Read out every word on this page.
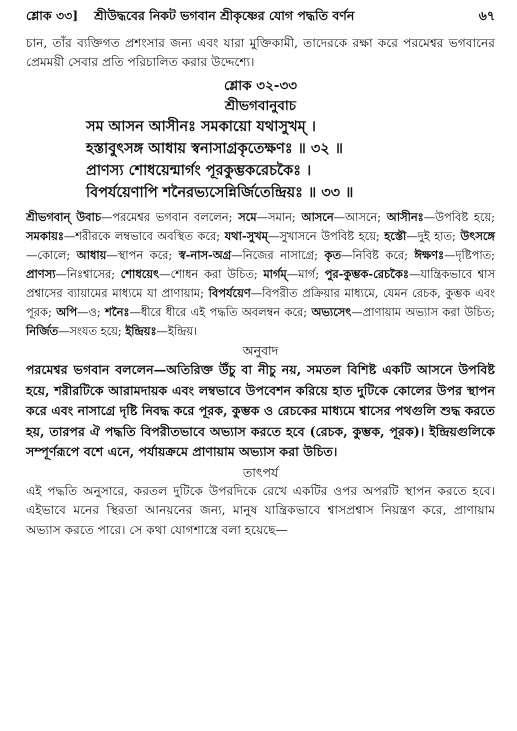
শ্লোক ৩৩]	শ্রীউদ্ধবের নিকট ভগবান শ্রীকৃষ্ণের যোগ পদ্ধতি বর্ণন	৬৭

চান, তাঁর ব্যক্তিগত প্রশংসার জন্য এবং যারা মুক্তিকামী, তাদেরকে রক্ষা করে পরমেশ্বর ভগবানের প্রেমময়ী সেবার প্রতি পরিচালিত করার উদ্দেশ্যে।

শ্লোক ৩২-৩৩

শ্রীভগবানুবাচ

সম আসন আসীনঃ সমকায়ো যথাসুখম্ ।
হস্তাবুৎসঙ্গ আধায় স্বনাসাগ্রকৃতেক্ষণঃ ॥ ৩২ ॥
প্রাণস্য শোধয়েন্মার্গং পূরকুম্ভকরেচকৈঃ ।
বিপর্যয়েণাপি শনৈরভ্যসেন্নির্জিতেন্দ্রিয়ঃ ॥ ৩৩ ॥

শ্রীভগবান্ উবাচ—পরমেশ্বর ভগবান বললেন; সমে—সমান; আসনে—আসনে; আসীনঃ—উপবিষ্ট হয়ে; সমকায়ঃ—শরীরকে লম্বভাবে অবস্থিত করে; যথা-সুখম্—সুখাসনে উপবিষ্ট হয়ে; হস্তৌ—দুই হাত; উৎসঙ্গে—কোলে; আধায়—স্থাপন করে; স্ব-নাস-অগ্র—নিজের নাসাগ্রে; কৃত—নিবিষ্ট করে; ঈক্ষণঃ—দৃষ্টিপাত; প্রাণস্য—নিঃশ্বাসের; শোধয়েৎ—শোধন করা উচিত; মার্গম্—মার্গ; পুর-কুম্ভক-রেচকৈঃ—যান্ত্রিকভাবে শ্বাস প্রশ্বাসের ব্যায়ামের মাধ্যমে যা প্রাণায়াম; বিপর্যয়েণ—বিপরীত প্রক্রিয়ার মাধ্যমে, যেমন রেচক, কুম্ভক এবং পূরক; অপি—ও; শনৈঃ—ধীরে ধীরে এই পদ্ধতি অবলম্বন করে; অভ্যসেৎ—প্রাণায়াম অভ্যাস করা উচিত; নির্জিত—সংযত হয়ে; ইন্দ্রিয়ঃ—ইন্দ্রিয়।

অনুবাদ

পরমেশ্বর ভগবান বললেন—অতিরিক্ত উঁচু বা নীচু নয়, সমতল বিশিষ্ট একটি আসনে উপবিষ্ট হয়ে, শরীরটিকে আরামদায়ক এবং লম্বভাবে উপবেশন করিয়ে হাত দুটিকে কোলের উপর স্থাপন করে এবং নাসাগ্রে দৃষ্টি নিবদ্ধ করে পূরক, কুম্ভক ও রেচকের মাধ্যমে শ্বাসের পথগুলি শুদ্ধ করতে হয়, তারপর ঐ পদ্ধতি বিপরীতভাবে অভ্যাস করতে হবে (রেচক, কুম্ভক, পূরক)। ইন্দ্রিয়গুলিকে সম্পূর্ণরূপে বশে এনে, পর্যায়ক্রমে প্রাণায়াম অভ্যাস করা উচিত।

তাৎপর্য

এই পদ্ধতি অনুসারে, করতল দুটিকে উপরদিকে রেখে একটির ওপর অপরটি স্থাপন করতে হবে। এইভাবে মনের স্থিরতা আনয়নের জন্য, মানুষ যান্ত্রিকভাবে শ্বাসপ্রশ্বাস নিয়ন্ত্রণ করে, প্রাণায়াম অভ্যাস করতে পারে। সে কথা যোগশাস্ত্রে বলা হয়েছে—
